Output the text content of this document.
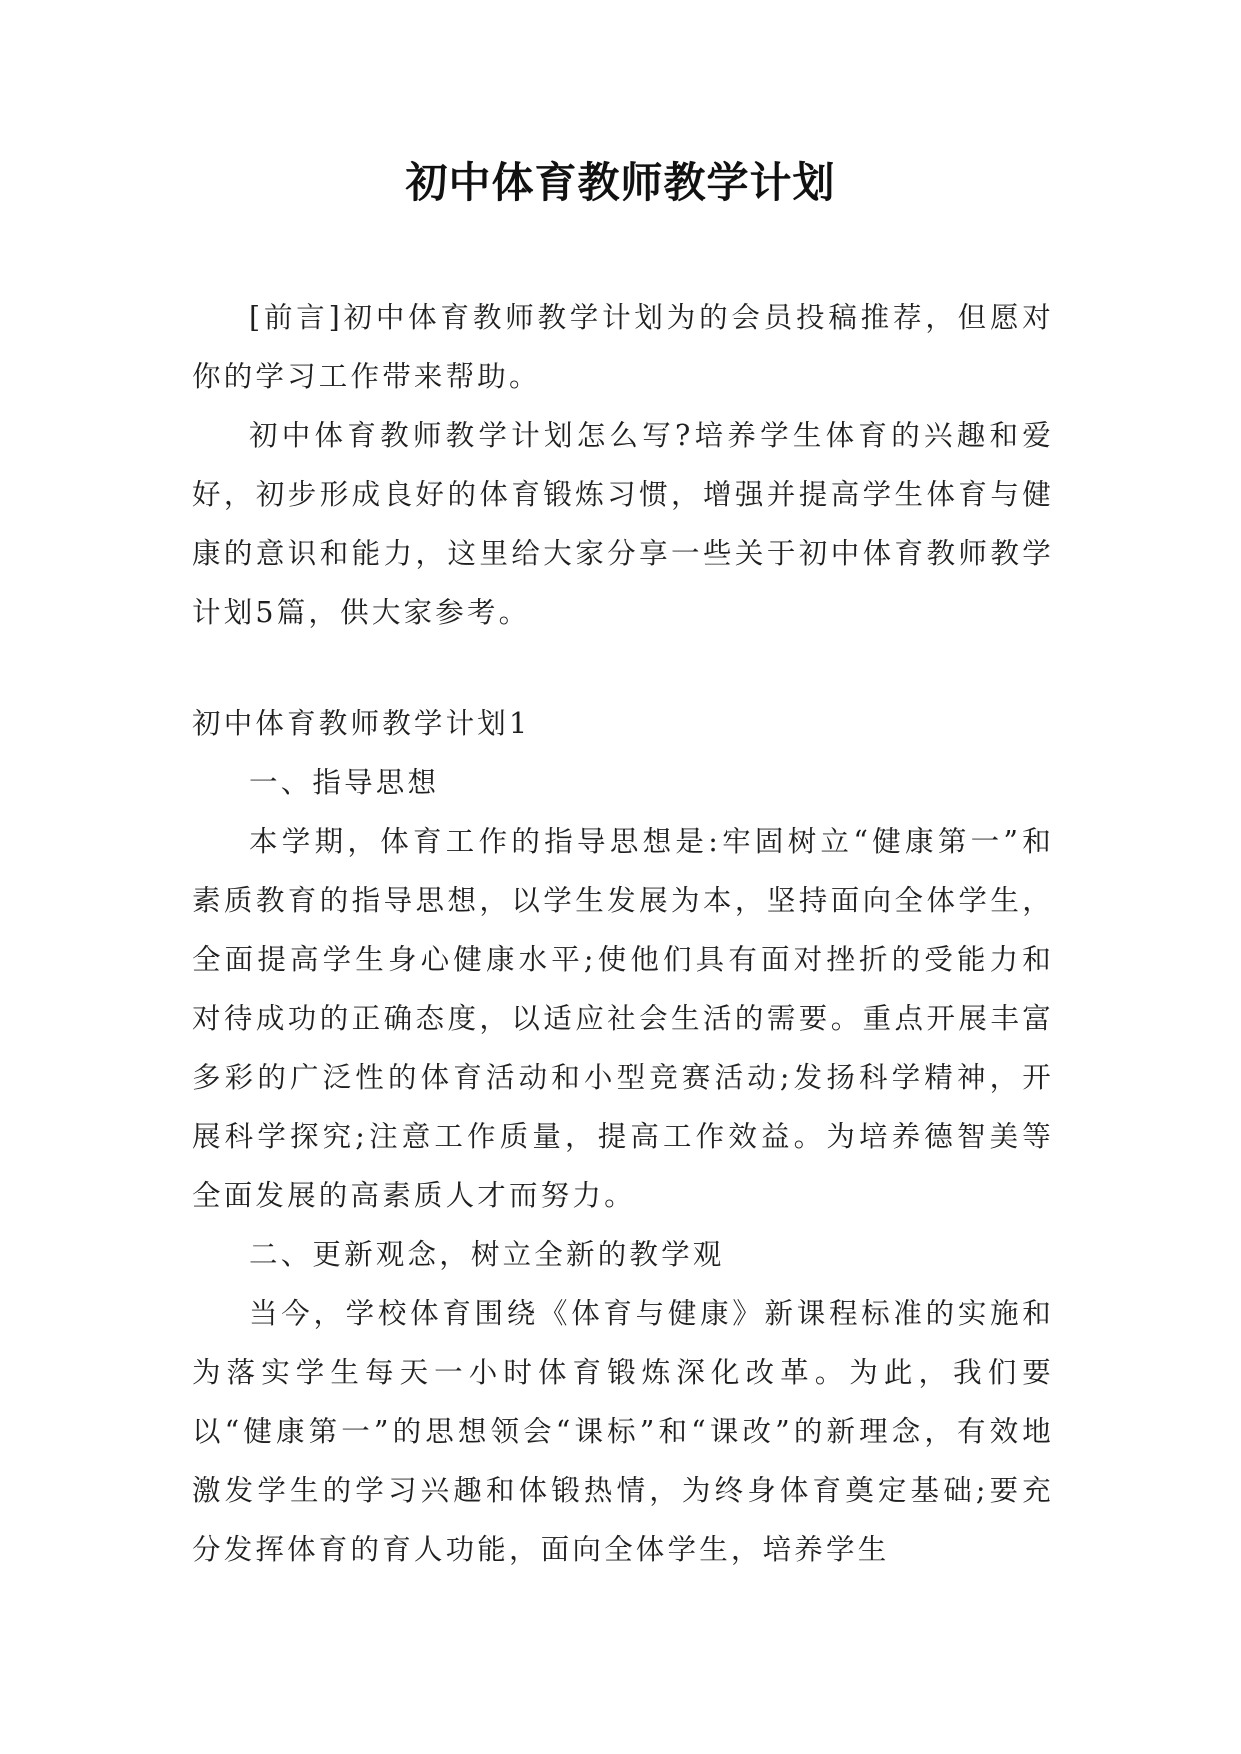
初中体育教师教学计划

[前言]初中体育教师教学计划为的会员投稿推荐，但愿对你的学习工作带来帮助。

初中体育教师教学计划怎么写?培养学生体育的兴趣和爱好，初步形成良好的体育锻炼习惯，增强并提高学生体育与健康的意识和能力，这里给大家分享一些关于初中体育教师教学计划5篇，供大家参考。

初中体育教师教学计划1

一、指导思想

本学期，体育工作的指导思想是:牢固树立“健康第一”和素质教育的指导思想，以学生发展为本，坚持面向全体学生，全面提高学生身心健康水平;使他们具有面对挫折的受能力和对待成功的正确态度，以适应社会生活的需要。重点开展丰富多彩的广泛性的体育活动和小型竞赛活动;发扬科学精神，开展科学探究;注意工作质量，提高工作效益。为培养德智美等全面发展的高素质人才而努力。

二、更新观念，树立全新的教学观

当今，学校体育围绕《体育与健康》新课程标准的实施和为落实学生每天一小时体育锻炼深化改革。为此，我们要以“健康第一”的思想领会“课标”和“课改”的新理念，有效地激发学生的学习兴趣和体锻热情，为终身体育奠定基础;要充分发挥体育的育人功能，面向全体学生，培养学生
